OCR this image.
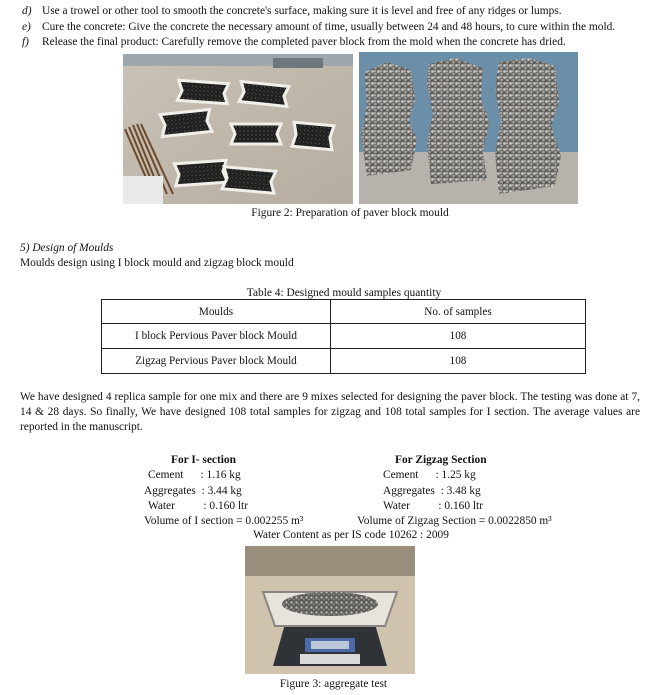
d) Use a trowel or other tool to smooth the concrete's surface, making sure it is level and free of any ridges or lumps.
e) Cure the concrete: Give the concrete the necessary amount of time, usually between 24 and 48 hours, to cure within the mold.
f) Release the final product: Carefully remove the completed paver block from the mold when the concrete has dried.
Figure 2: Preparation of paver block mould
5) Design of Moulds
Moulds design using I block mould and zigzag block mould
Table 4: Designed mould samples quantity
Moulds	No. of samples
I block Pervious Paver block Mould	108
Zigzag Pervious Paver block Mould	108
We have designed 4 replica sample for one mix and there are 9 mixes selected for designing the paver block. The testing was done at 7, 14 & 28 days. So finally, We have designed 108 total samples for zigzag and 108 total samples for I section. The average values are reported in the manuscript.
For I- section
Cement      : 1.16 kg
Aggregates  : 3.44 kg
Water          : 0.160 ltr
Volume of I section = 0.002255 m³
For Zigzag Section
Cement      : 1.25 kg
Aggregates  : 3.48 kg
Water          : 0.160 ltr
Volume of Zigzag Section = 0.0022850 m³
Water Content as per IS code 10262 : 2009
Figure 3: aggregate test
